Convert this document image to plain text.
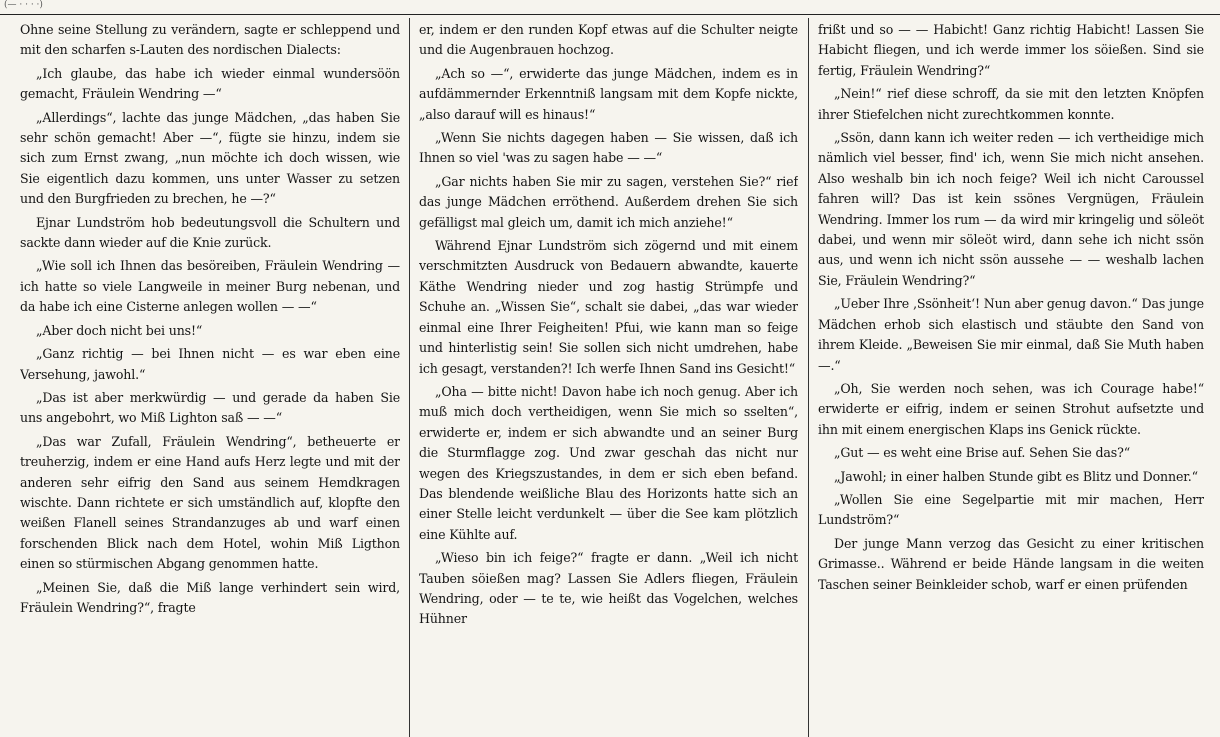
(— · · · ·)

Ohne seine Stellung zu verändern, sagte er schleppend und mit den scharfen s-Lauten des nordischen Dialects:

„Ich glaube, das habe ich wieder einmal wundersöön gemacht, Fräulein Wendring —“

„Allerdings“, lachte das junge Mädchen, „das haben Sie sehr schön gemacht! Aber —“, fügte sie hinzu, indem sie sich zum Ernst zwang, „nun möchte ich doch wissen, wie Sie eigentlich dazu kommen, uns unter Wasser zu setzen und den Burgfrieden zu brechen, he —?“

Ejnar Lundström hob bedeutungsvoll die Schultern und sackte dann wieder auf die Knie zurück.

„Wie soll ich Ihnen das besöreiben, Fräulein Wendring — ich hatte so viele Langweile in meiner Burg nebenan, und da habe ich eine Cisterne anlegen wollen — —“

„Aber doch nicht bei uns!“

„Ganz richtig — bei Ihnen nicht — es war eben eine Versehung, jawohl.“

„Das ist aber merkwürdig — und gerade da haben Sie uns angebohrt, wo Miß Lighton saß — —“

„Das war Zufall, Fräulein Wendring“, betheuerte er treuherzig, indem er eine Hand aufs Herz legte und mit der anderen sehr eifrig den Sand aus seinem Hemdkragen wischte. Dann richtete er sich umständlich auf, klopfte den weißen Flanell seines Strandanzuges ab und warf einen forschenden Blick nach dem Hotel, wohin Miß Ligthon einen so stürmischen Abgang genommen hatte.

„Meinen Sie, daß die Miß lange verhindert sein wird, Fräulein Wendring?“, fragte

er, indem er den runden Kopf etwas auf die Schulter neigte und die Augenbrauen hochzog.

„Ach so —“, erwiderte das junge Mädchen, indem es in aufdämmernder Erkenntniß langsam mit dem Kopfe nickte, „also darauf will es hinaus!“

„Wenn Sie nichts dagegen haben — Sie wissen, daß ich Ihnen so viel 'was zu sagen habe — —“

„Gar nichts haben Sie mir zu sagen, verstehen Sie?“ rief das junge Mädchen erröthend. Außerdem drehen Sie sich gefälligst mal gleich um, damit ich mich anziehe!“

Während Ejnar Lundström sich zögernd und mit einem verschmitzten Ausdruck von Bedauern abwandte, kauerte Käthe Wendring nieder und zog hastig Strümpfe und Schuhe an. „Wissen Sie“, schalt sie dabei, „das war wieder einmal eine Ihrer Feigheiten! Pfui, wie kann man so feige und hinterlistig sein! Sie sollen sich nicht umdrehen, habe ich gesagt, verstanden?! Ich werfe Ihnen Sand ins Gesicht!“

„Oha — bitte nicht! Davon habe ich noch genug. Aber ich muß mich doch vertheidigen, wenn Sie mich so sselten“, erwiderte er, indem er sich abwandte und an seiner Burg die Sturmflagge zog. Und zwar geschah das nicht nur wegen des Kriegszustandes, in dem er sich eben befand. Das blendende weißliche Blau des Horizonts hatte sich an einer Stelle leicht verdunkelt — über die See kam plötzlich eine Kühlte auf.

„Wieso bin ich feige?“ fragte er dann. „Weil ich nicht Tauben söießen mag? Lassen Sie Adlers fliegen, Fräulein Wendring, oder — te te, wie heißt das Vogelchen, welches Hühner

frißt und so — — Habicht! Ganz richtig Habicht! Lassen Sie Habicht fliegen, und ich werde immer los söießen. Sind sie fertig, Fräulein Wendring?“

„Nein!“ rief diese schroff, da sie mit den letzten Knöpfen ihrer Stiefelchen nicht zurechtkommen konnte.

„Ssön, dann kann ich weiter reden — ich vertheidige mich nämlich viel besser, find' ich, wenn Sie mich nicht ansehen. Also weshalb bin ich noch feige? Weil ich nicht Caroussel fahren will? Das ist kein ssönes Vergnügen, Fräulein Wendring. Immer los rum — da wird mir kringelig und söleöt dabei, und wenn mir söleöt wird, dann sehe ich nicht ssön aus, und wenn ich nicht ssön aussehe — — weshalb lachen Sie, Fräulein Wendring?“

„Ueber Ihre ‚Ssönheit‘! Nun aber genug davon.“ Das junge Mädchen erhob sich elastisch und stäubte den Sand von ihrem Kleide. „Beweisen Sie mir einmal, daß Sie Muth haben —.“

„Oh, Sie werden noch sehen, was ich Courage habe!“ erwiderte er eifrig, indem er seinen Strohut aufsetzte und ihn mit einem energischen Klaps ins Genick rückte.

„Gut — es weht eine Brise auf. Sehen Sie das?“

„Jawohl; in einer halben Stunde gibt es Blitz und Donner.“

„Wollen Sie eine Segelpartie mit mir machen, Herr Lundström?“

Der junge Mann verzog das Gesicht zu einer kritischen Grimasse.. Während er beide Hände langsam in die weiten Taschen seiner Beinkleider schob, warf er einen prüfenden
